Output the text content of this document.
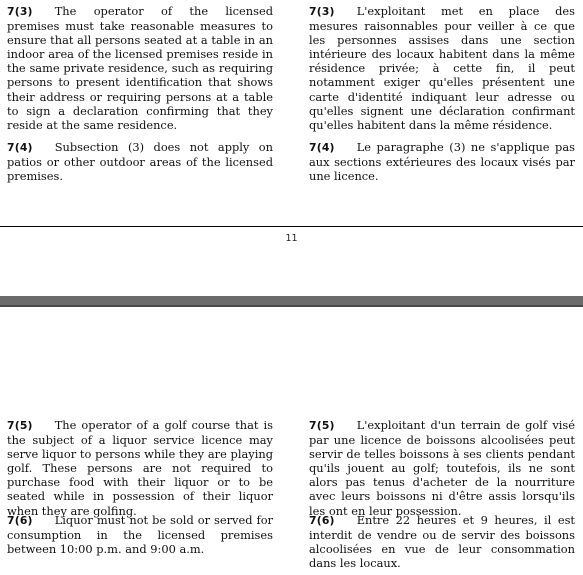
7(3) The operator of the licensed premises must take reasonable measures to ensure that all persons seated at a table in an indoor area of the licensed premises reside in the same private residence, such as requiring persons to present identification that shows their address or requiring persons at a table to sign a declaration confirming that they reside at the same residence.

7(4) Subsection (3) does not apply on patios or other outdoor areas of the licensed premises.

7(3) L'exploitant met en place des mesures raisonnables pour veiller à ce que les personnes assises dans une section intérieure des locaux habitent dans la même résidence privée; à cette fin, il peut notamment exiger qu'elles présentent une carte d'identité indiquant leur adresse ou qu'elles signent une déclaration confirmant qu'elles habitent dans la même résidence.

7(4) Le paragraphe (3) ne s'applique pas aux sections extérieures des locaux visés par une licence.

11

7(5) The operator of a golf course that is the subject of a liquor service licence may serve liquor to persons while they are playing golf. These persons are not required to purchase food with their liquor or to be seated while in possession of their liquor when they are golfing.

7(6) Liquor must not be sold or served for consumption in the licensed premises between 10:00 p.m. and 9:00 a.m.

7(5) L'exploitant d'un terrain de golf visé par une licence de boissons alcoolisées peut servir de telles boissons à ses clients pendant qu'ils jouent au golf; toutefois, ils ne sont alors pas tenus d'acheter de la nourriture avec leurs boissons ni d'être assis lorsqu'ils les ont en leur possession.

7(6) Entre 22 heures et 9 heures, il est interdit de vendre ou de servir des boissons alcoolisées en vue de leur consommation dans les locaux.
